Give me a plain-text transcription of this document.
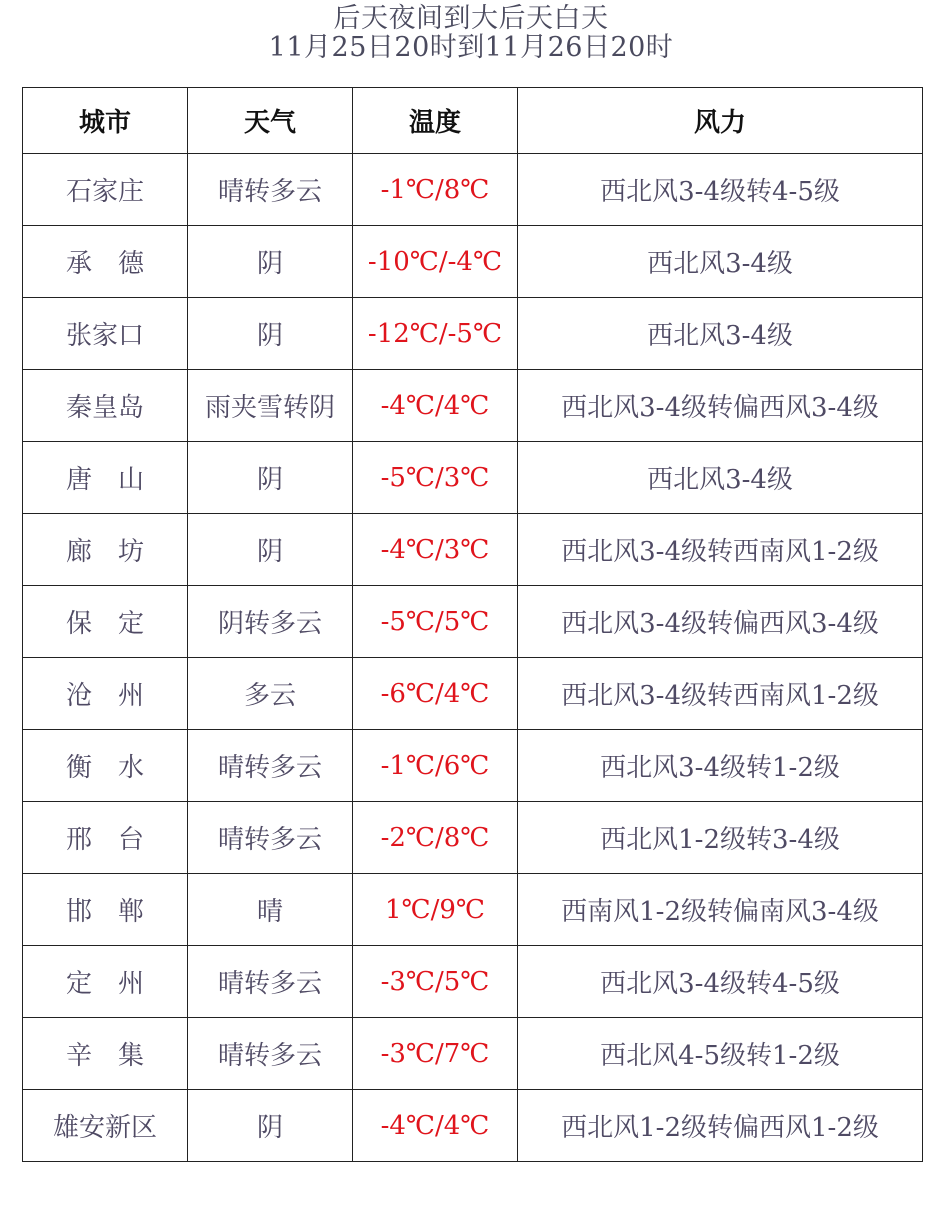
后天夜间到大后天白天
11月25日20时到11月26日20时
城市	天气	温度	风力
石家庄	晴转多云	-1℃/8℃	西北风3-4级转4-5级
承　德	阴	-10℃/-4℃	西北风3-4级
张家口	阴	-12℃/-5℃	西北风3-4级
秦皇岛	雨夹雪转阴	-4℃/4℃	西北风3-4级转偏西风3-4级
唐　山	阴	-5℃/3℃	西北风3-4级
廊　坊	阴	-4℃/3℃	西北风3-4级转西南风1-2级
保　定	阴转多云	-5℃/5℃	西北风3-4级转偏西风3-4级
沧　州	多云	-6℃/4℃	西北风3-4级转西南风1-2级
衡　水	晴转多云	-1℃/6℃	西北风3-4级转1-2级
邢　台	晴转多云	-2℃/8℃	西北风1-2级转3-4级
邯　郸	晴	1℃/9℃	西南风1-2级转偏南风3-4级
定　州	晴转多云	-3℃/5℃	西北风3-4级转4-5级
辛　集	晴转多云	-3℃/7℃	西北风4-5级转1-2级
雄安新区	阴	-4℃/4℃	西北风1-2级转偏西风1-2级
